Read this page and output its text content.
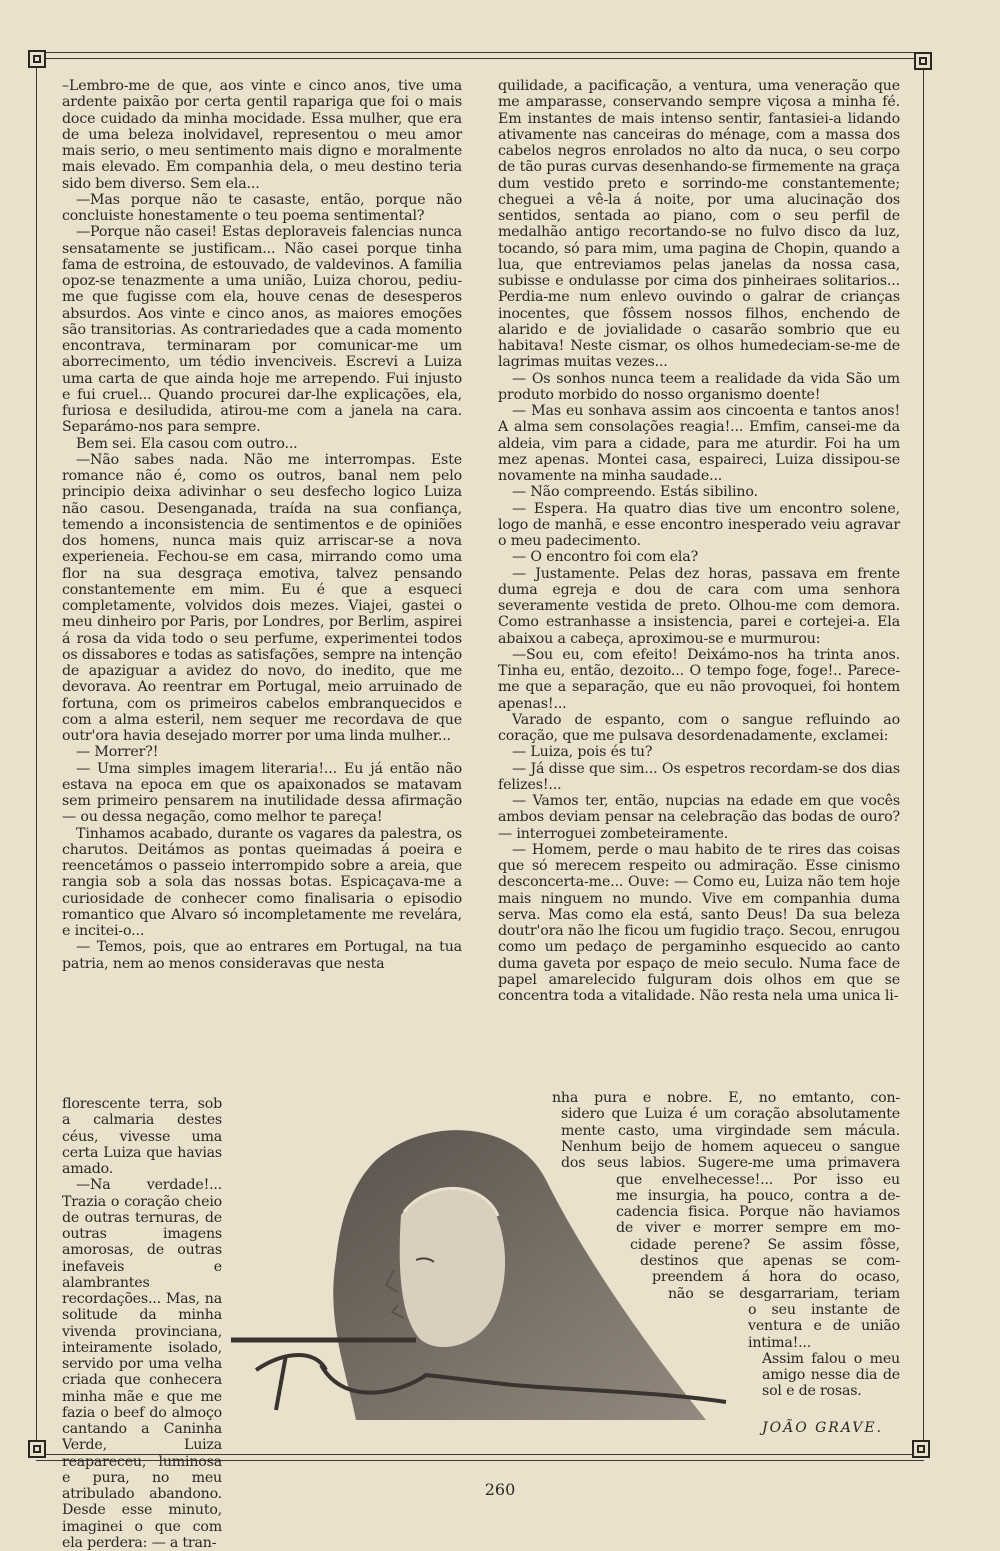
–Lembro-me de que, aos vinte e cinco anos, tive uma ardente paixão por certa gentil rapariga que foi o mais doce cuidado da minha mocidade. Essa mulher, que era de uma beleza inolvidavel, representou o meu amor mais serio, o meu sentimento mais digno e moralmente mais elevado. Em companhia dela, o meu destino teria sido bem diverso. Sem ela...

—Mas porque não te casaste, então, porque não concluiste honestamente o teu poema sentimental?

—Porque não casei! Estas deploraveis falencias nunca sensatamente se justificam... Não casei porque tinha fama de estroina, de estouvado, de valdevinos. A familia opoz-se tenazmente a uma união, Luiza chorou, pediu-me que fugisse com ela, houve cenas de desesperos absurdos. Aos vinte e cinco anos, as maiores emoções são transitorias. As contrariedades que a cada momento encontrava, terminaram por comunicar-me um aborrecimento, um tédio invenciveis. Escrevi a Luiza uma carta de que ainda hoje me arrependo. Fui injusto e fui cruel... Quando procurei dar-lhe explicações, ela, furiosa e desiludida, atirou-me com a janela na cara. Separámo-nos para sempre.

Bem sei. Ela casou com outro...

—Não sabes nada. Não me interrompas. Este romance não é, como os outros, banal nem pelo principio deixa adivinhar o seu desfecho logico Luiza não casou. Desenganada, traída na sua confiança, temendo a inconsistencia de sentimentos e de opiniões dos homens, nunca mais quiz arriscar-se a nova experieneia. Fechou-se em casa, mirrando como uma flor na sua desgraça emotiva, talvez pensando constantemente em mim. Eu é que a esqueci completamente, volvidos dois mezes. Viajei, gastei o meu dinheiro por Paris, por Londres, por Berlim, aspirei á rosa da vida todo o seu perfume, experimentei todos os dissabores e todas as satisfações, sempre na intenção de apaziguar a avidez do novo, do inedito, que me devorava. Ao reentrar em Portugal, meio arruinado de fortuna, com os primeiros cabelos embranquecidos e com a alma esteril, nem sequer me recordava de que outr'ora havia desejado morrer por uma linda mulher...

— Morrer?!

— Uma simples imagem literaria!... Eu já então não estava na epoca em que os apaixonados se matavam sem primeiro pensarem na inutilidade dessa afirmação — ou dessa negação, como melhor te pareça!

Tinhamos acabado, durante os vagares da palestra, os charutos. Deitámos as pontas queimadas á poeira e reencetámos o passeio interrompido sobre a areia, que rangia sob a sola das nossas botas. Espicaçava-me a curiosidade de conhecer como finalisaria o episodio romantico que Alvaro só incompletamente me revelára, e incitei-o...

— Temos, pois, que ao entrares em Portugal, na tua patria, nem ao menos consideravas que nesta

florescente terra, sob a calmaria destes céus, vivesse uma certa Luiza que havias amado.

—Na verdade!... Trazia o coração cheio de outras ternuras, de outras imagens amorosas, de outras inefaveis e alambrantes recordações... Mas, na solitude da minha vivenda provinciana, inteiramente isolado, servido por uma velha criada que conhecera minha mãe e que me fazia o beef do almoço cantando a Caninha Verde, Luiza reapareceu, luminosa e pura, no meu atribulado abandono. Desde esse minuto, imaginei o que com ela perdera: — a tran-

quilidade, a pacificação, a ventura, uma veneração que me amparasse, conservando sempre viçosa a minha fé. Em instantes de mais intenso sentir, fantasiei-a lidando ativamente nas canceiras do ménage, com a massa dos cabelos negros enrolados no alto da nuca, o seu corpo de tão puras curvas desenhando-se firmemente na graça dum vestido preto e sorrindo-me constantemente; cheguei a vê-la á noite, por uma alucinação dos sentidos, sentada ao piano, com o seu perfil de medalhão antigo recortando-se no fulvo disco da luz, tocando, só para mim, uma pagina de Chopin, quando a lua, que entreviamos pelas janelas da nossa casa, subisse e ondulasse por cima dos pinheiraes solitarios... Perdia-me num enlevo ouvindo o galrar de crianças inocentes, que fôssem nossos filhos, enchendo de alarido e de jovialidade o casarão sombrio que eu habitava! Neste cismar, os olhos humedeciam-se-me de lagrimas muitas vezes...

— Os sonhos nunca teem a realidade da vida São um produto morbido do nosso organismo doente!

— Mas eu sonhava assim aos cincoenta e tantos anos! A alma sem consolações reagia!... Emfim, cansei-me da aldeia, vim para a cidade, para me aturdir. Foi ha um mez apenas. Montei casa, espaireci, Luiza dissipou-se novamente na minha saudade...

— Não compreendo. Estás sibilino.

— Espera. Ha quatro dias tive um encontro solene, logo de manhã, e esse encontro inesperado veiu agravar o meu padecimento.

— O encontro foi com ela?

— Justamente. Pelas dez horas, passava em frente duma egreja e dou de cara com uma senhora severamente vestida de preto. Olhou-me com demora. Como estranhasse a insistencia, parei e cortejei-a. Ela abaixou a cabeça, aproximou-se e murmurou:

—Sou eu, com efeito! Deixámo-nos ha trinta anos. Tinha eu, então, dezoito... O tempo foge, foge!.. Parece-me que a separação, que eu não provoquei, foi hontem apenas!...

Varado de espanto, com o sangue refluindo ao coração, que me pulsava desordenadamente, exclamei:

— Luiza, pois és tu?

— Já disse que sim... Os espetros recordam-se dos dias felizes!...

— Vamos ter, então, nupcias na edade em que vocês ambos deviam pensar na celebração das bodas de ouro? — interroguei zombeteiramente.

— Homem, perde o mau habito de te rires das coisas que só merecem respeito ou admiração. Esse cinismo desconcerta-me... Ouve: — Como eu, Luiza não tem hoje mais ninguem no mundo. Vive em companhia duma serva. Mas como ela está, santo Deus! Da sua beleza doutr'ora não lhe ficou um fugidio traço. Secou, enrugou como um pedaço de pergaminho esquecido ao canto duma gaveta por espaço de meio seculo. Numa face de papel amarelecido fulguram dois olhos em que se concentra toda a vitalidade. Não resta nela uma unica li-

nha pura e nobre. E, no emtanto, con-
sidero que Luiza é um coração absolutamente
mente casto, uma virgindade sem mácula.
Nenhum beijo de homem aqueceu o sangue
dos seus labios. Sugere-me uma primavera
que envelhecesse!... Por isso eu
me insurgia, ha pouco, contra a de-
cadencia fisica. Porque não haviamos
de viver e morrer sempre em mo-
cidade perene? Se assim fôsse,
destinos que apenas se com-
preendem á hora do ocaso,
não se desgarrariam, teriam
o seu instante de
ventura e de união
intima!...
Assim falou o meu
amigo nesse dia de
sol e de rosas.
JOÃO GRAVE.
260
